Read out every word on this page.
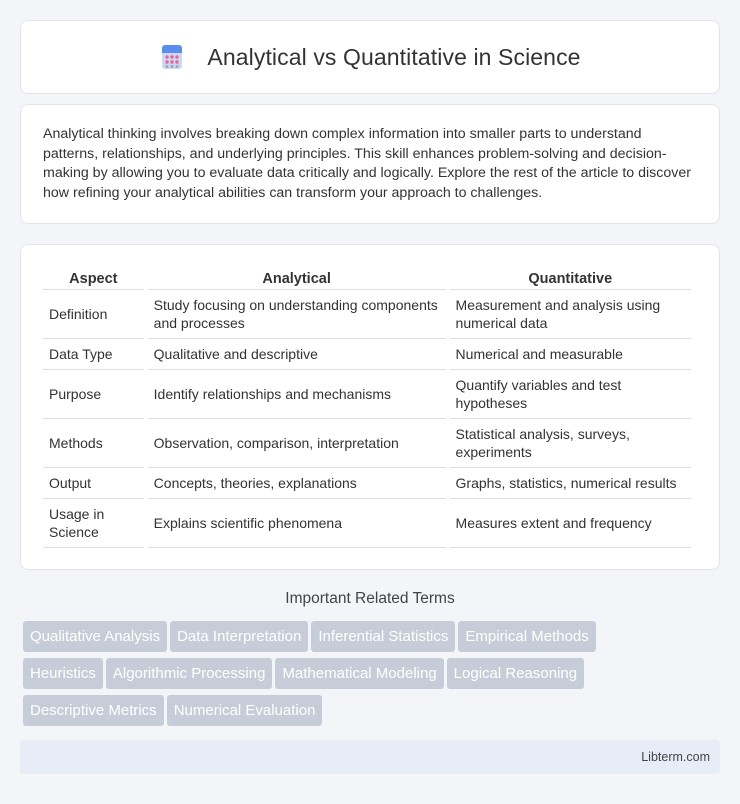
Analytical vs Quantitative in Science

Analytical thinking involves breaking down complex information into smaller parts to understand patterns, relationships, and underlying principles. This skill enhances problem-solving and decision-making by allowing you to evaluate data critically and logically. Explore the rest of the article to discover how refining your analytical abilities can transform your approach to challenges.

Aspect	Analytical	Quantitative
Definition	Study focusing on understanding components and processes	Measurement and analysis using numerical data
Data Type	Qualitative and descriptive	Numerical and measurable
Purpose	Identify relationships and mechanisms	Quantify variables and test hypotheses
Methods	Observation, comparison, interpretation	Statistical analysis, surveys, experiments
Output	Concepts, theories, explanations	Graphs, statistics, numerical results
Usage in Science	Explains scientific phenomena	Measures extent and frequency
Important Related Terms
Qualitative Analysis Data Interpretation Inferential Statistics Empirical Methods
Heuristics Algorithmic Processing Mathematical Modeling Logical Reasoning
Descriptive Metrics Numerical Evaluation
Libterm.com
